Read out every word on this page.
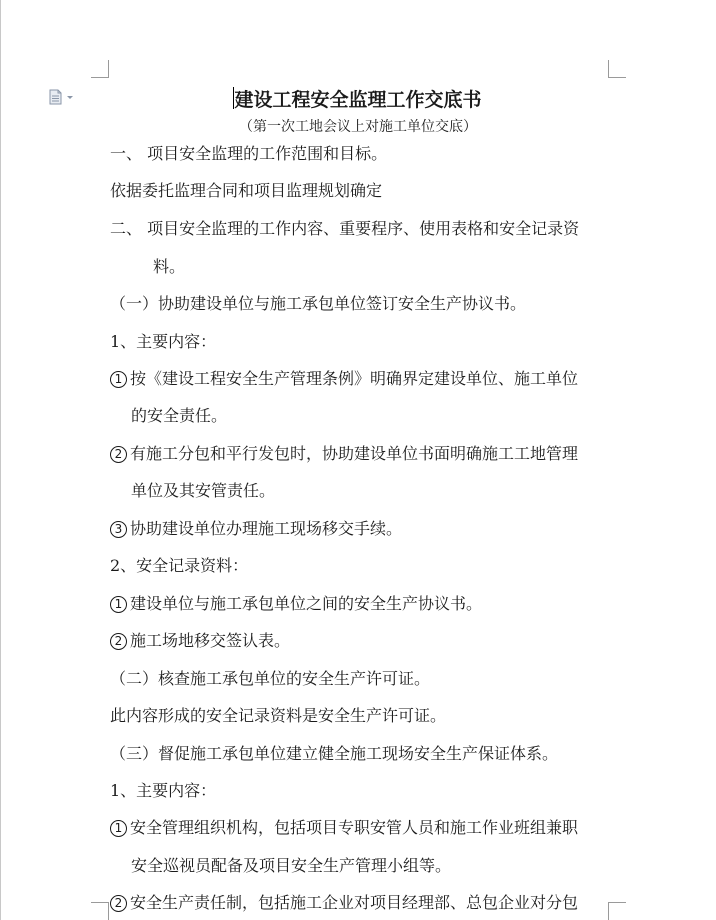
建设工程安全监理工作交底书
（第一次工地会议上对施工单位交底）
一、 项目安全监理的工作范围和目标。
依据委托监理合同和项目监理规划确定
二、 项目安全监理的工作内容、重要程序、使用表格和安全记录资
料。
（一）协助建设单位与施工承包单位签订安全生产协议书。
1、主要内容：
1 按《建设工程安全生产管理条例》明确界定建设单位、施工单位
的安全责任。
2 有施工分包和平行发包时，协助建设单位书面明确施工工地管理
单位及其安管责任。
3 协助建设单位办理施工现场移交手续。
2、安全记录资料：
1 建设单位与施工承包单位之间的安全生产协议书。
2 施工场地移交签认表。
（二）核查施工承包单位的安全生产许可证。
此内容形成的安全记录资料是安全生产许可证。
（三）督促施工承包单位建立健全施工现场安全生产保证体系。
1、主要内容：
1 安全管理组织机构，包括项目专职安管人员和施工作业班组兼职
安全巡视员配备及项目安全生产管理小组等。
2 安全生产责任制，包括施工企业对项目经理部、总包企业对分包
